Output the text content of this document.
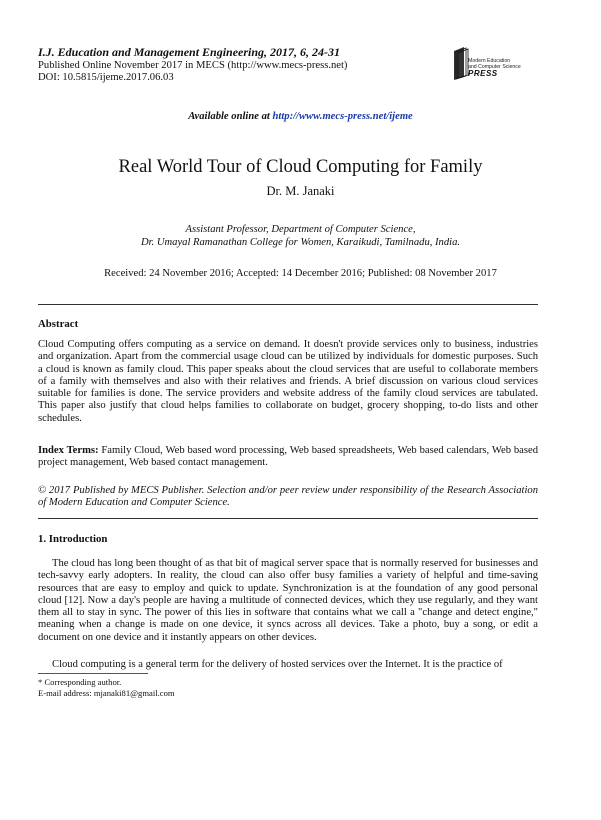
I.J. Education and Management Engineering, 2017, 6, 24-31
Published Online November 2017 in MECS (http://www.mecs-press.net)
DOI: 10.5815/ijeme.2017.06.03
Modern Education
and Computer Science
PRESS
Available online at http://www.mecs-press.net/ijeme
Real World Tour of Cloud Computing for Family
Dr. M. Janaki
Assistant Professor, Department of Computer Science,
Dr. Umayal Ramanathan College for Women, Karaikudi, Tamilnadu, India.
Received: 24 November 2016; Accepted: 14 December 2016; Published: 08 November 2017
Abstract
Cloud Computing offers computing as a service on demand. It doesn't provide services only to business, industries and organization. Apart from the commercial usage cloud can be utilized by individuals for domestic purposes. Such a cloud is known as family cloud. This paper speaks about the cloud services that are useful to collaborate members of a family with themselves and also with their relatives and friends. A brief discussion on various cloud services suitable for families is done. The service providers and website address of the family cloud services are tabulated. This paper also justify that cloud helps families to collaborate on budget, grocery shopping, to-do lists and other schedules.
Index Terms: Family Cloud, Web based word processing, Web based spreadsheets, Web based calendars, Web based project management, Web based contact management.
© 2017 Published by MECS Publisher. Selection and/or peer review under responsibility of the Research Association of Modern Education and Computer Science.
1. Introduction
The cloud has long been thought of as that bit of magical server space that is normally reserved for businesses and tech-savvy early adopters. In reality, the cloud can also offer busy families a variety of helpful and time-saving resources that are easy to employ and quick to update. Synchronization is at the foundation of any good personal cloud [12]. Now a day's people are having a multitude of connected devices, which they use regularly, and they want them all to stay in sync. The power of this lies in software that contains what we call a "change and detect engine," meaning when a change is made on one device, it syncs across all devices. Take a photo, buy a song, or edit a document on one device and it instantly appears on other devices.
Cloud computing is a general term for the delivery of hosted services over the Internet. It is the practice of
* Corresponding author.
E-mail address: mjanaki81@gmail.com
